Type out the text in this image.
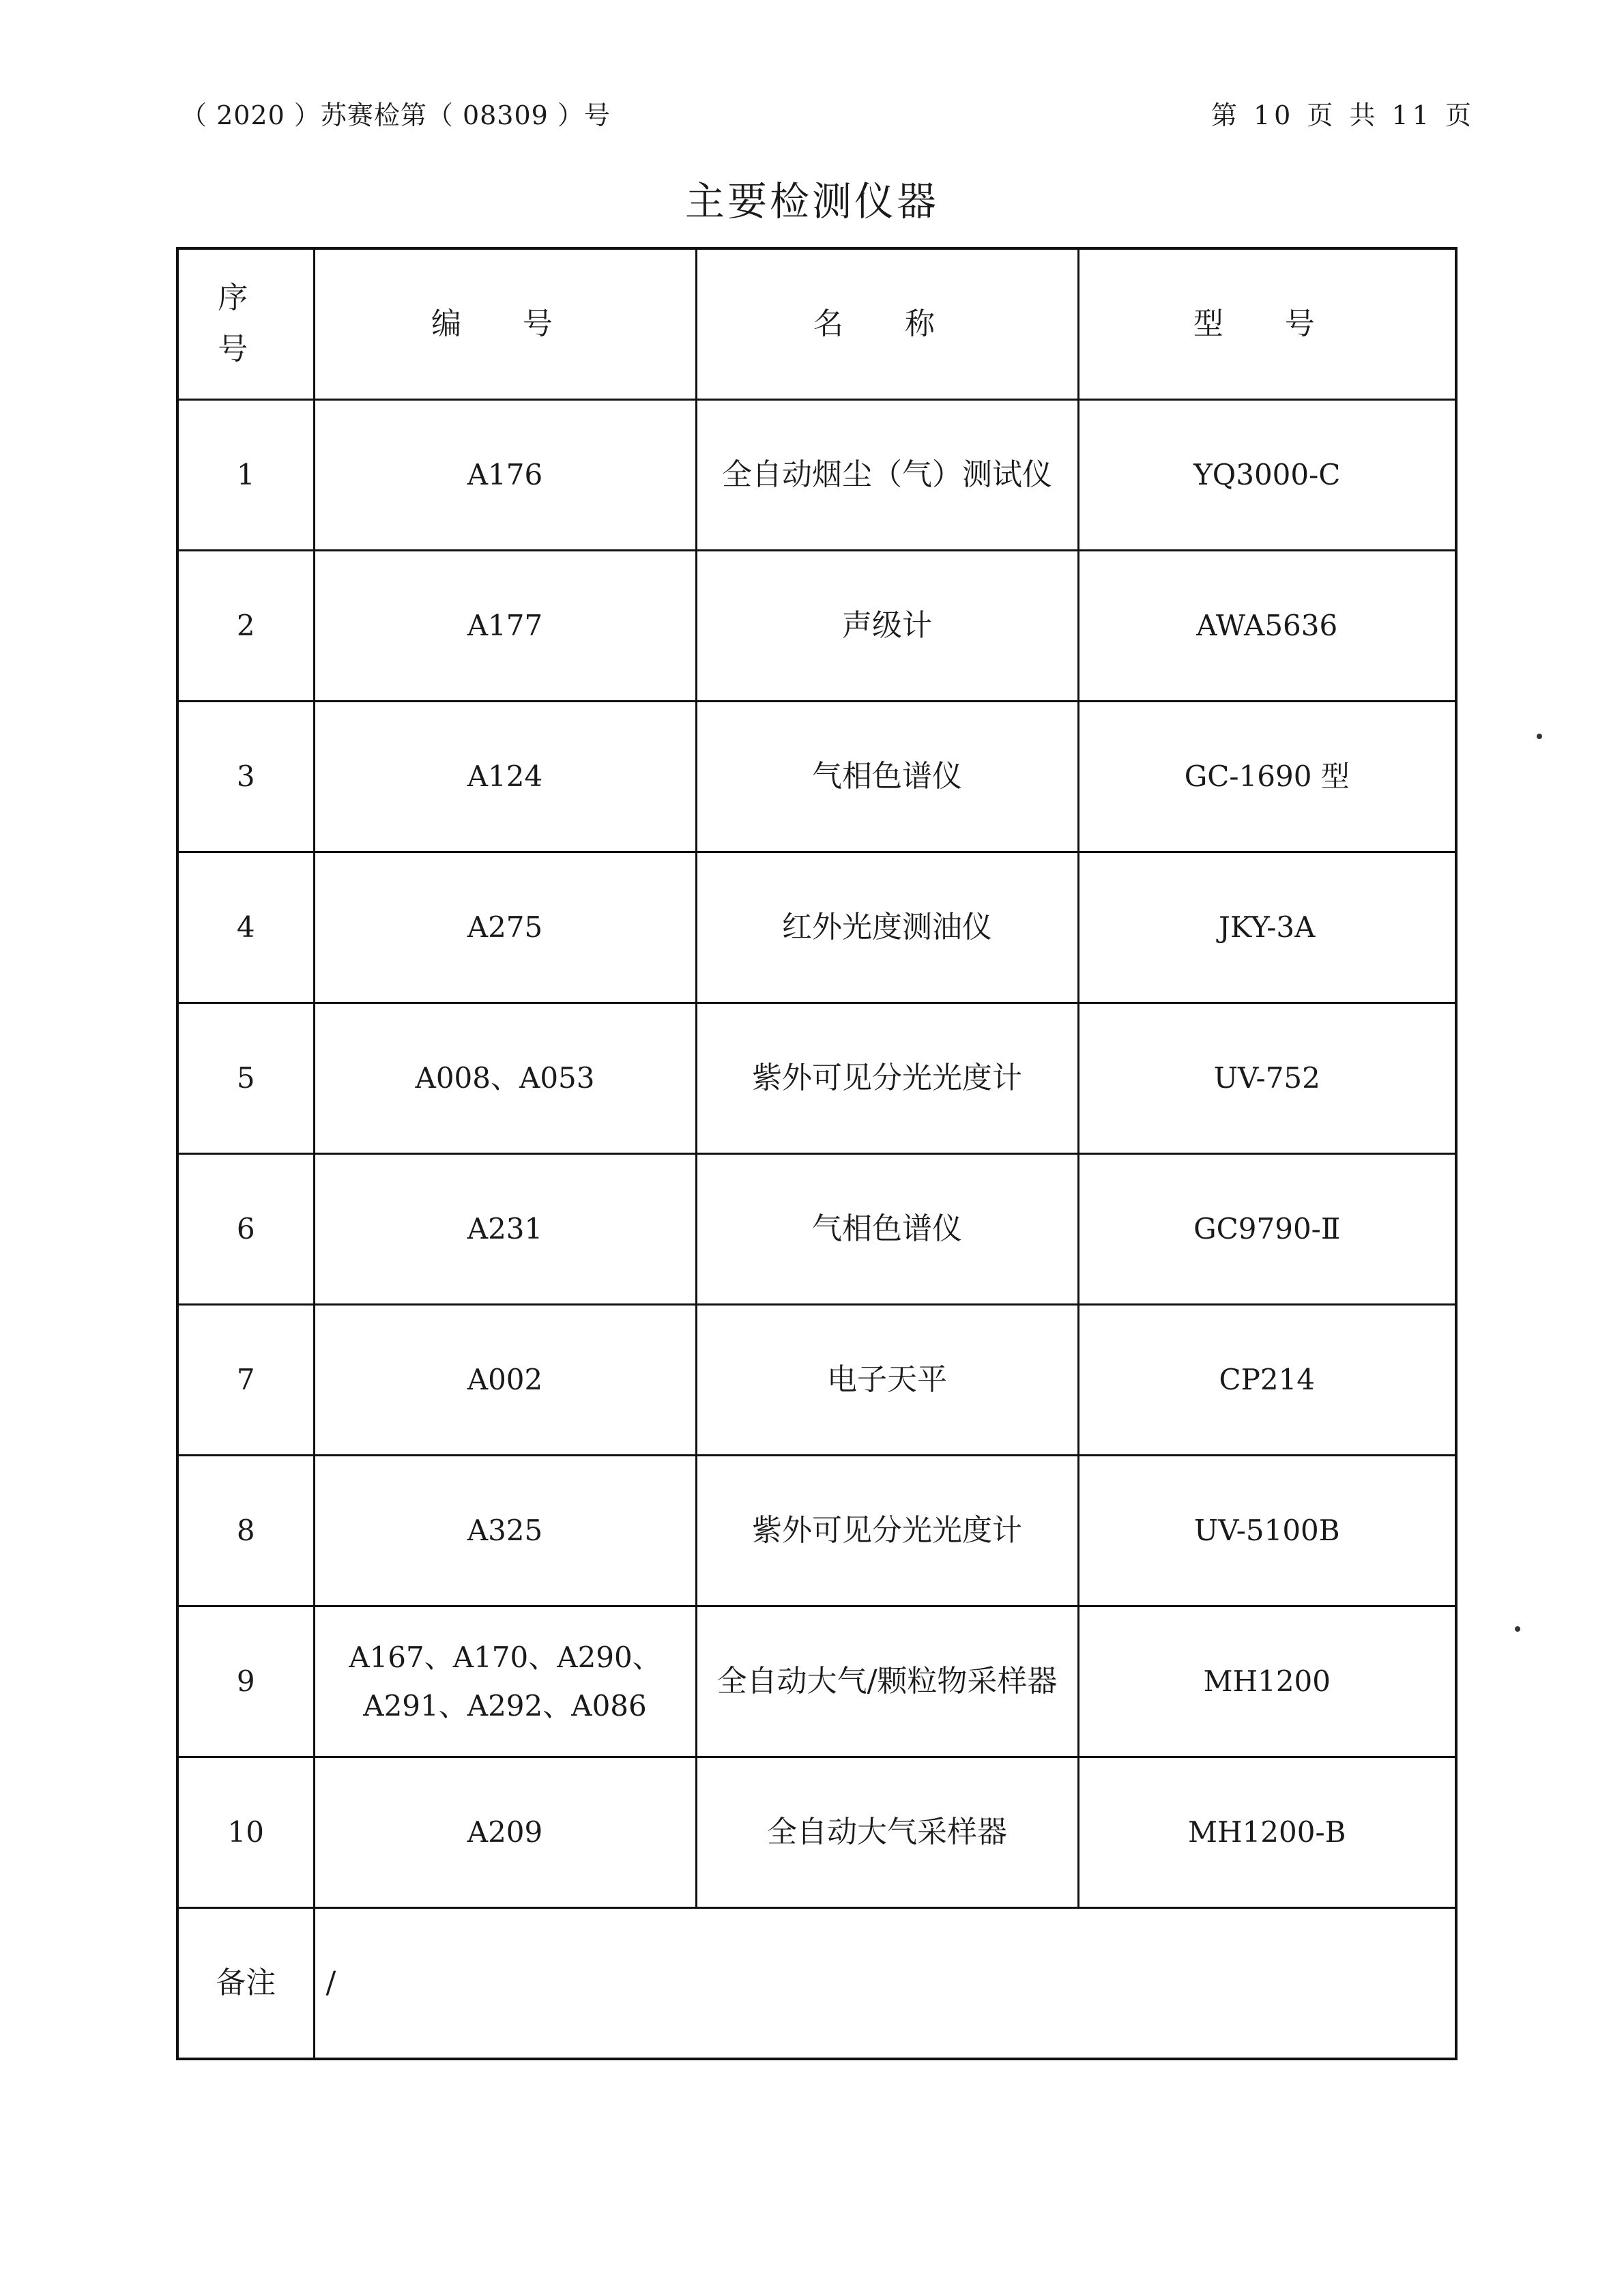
（ 2020 ）苏赛检第（ 08309 ）号	第 10 页 共 11 页
主要检测仪器
序 号	编 号	名 称	型 号
1	A176	全自动烟尘（气）测试仪	YQ3000-C
2	A177	声级计	AWA5636
3	A124	气相色谱仪	GC-1690 型
4	A275	红外光度测油仪	JKY-3A
5	A008、A053	紫外可见分光光度计	UV-752
6	A231	气相色谱仪	GC9790-Ⅱ
7	A002	电子天平	CP214
8	A325	紫外可见分光光度计	UV-5100B
9	A167、A170、A290、A291、A292、A086	全自动大气/颗粒物采样器	MH1200
10	A209	全自动大气采样器	MH1200-B
备注	/		
